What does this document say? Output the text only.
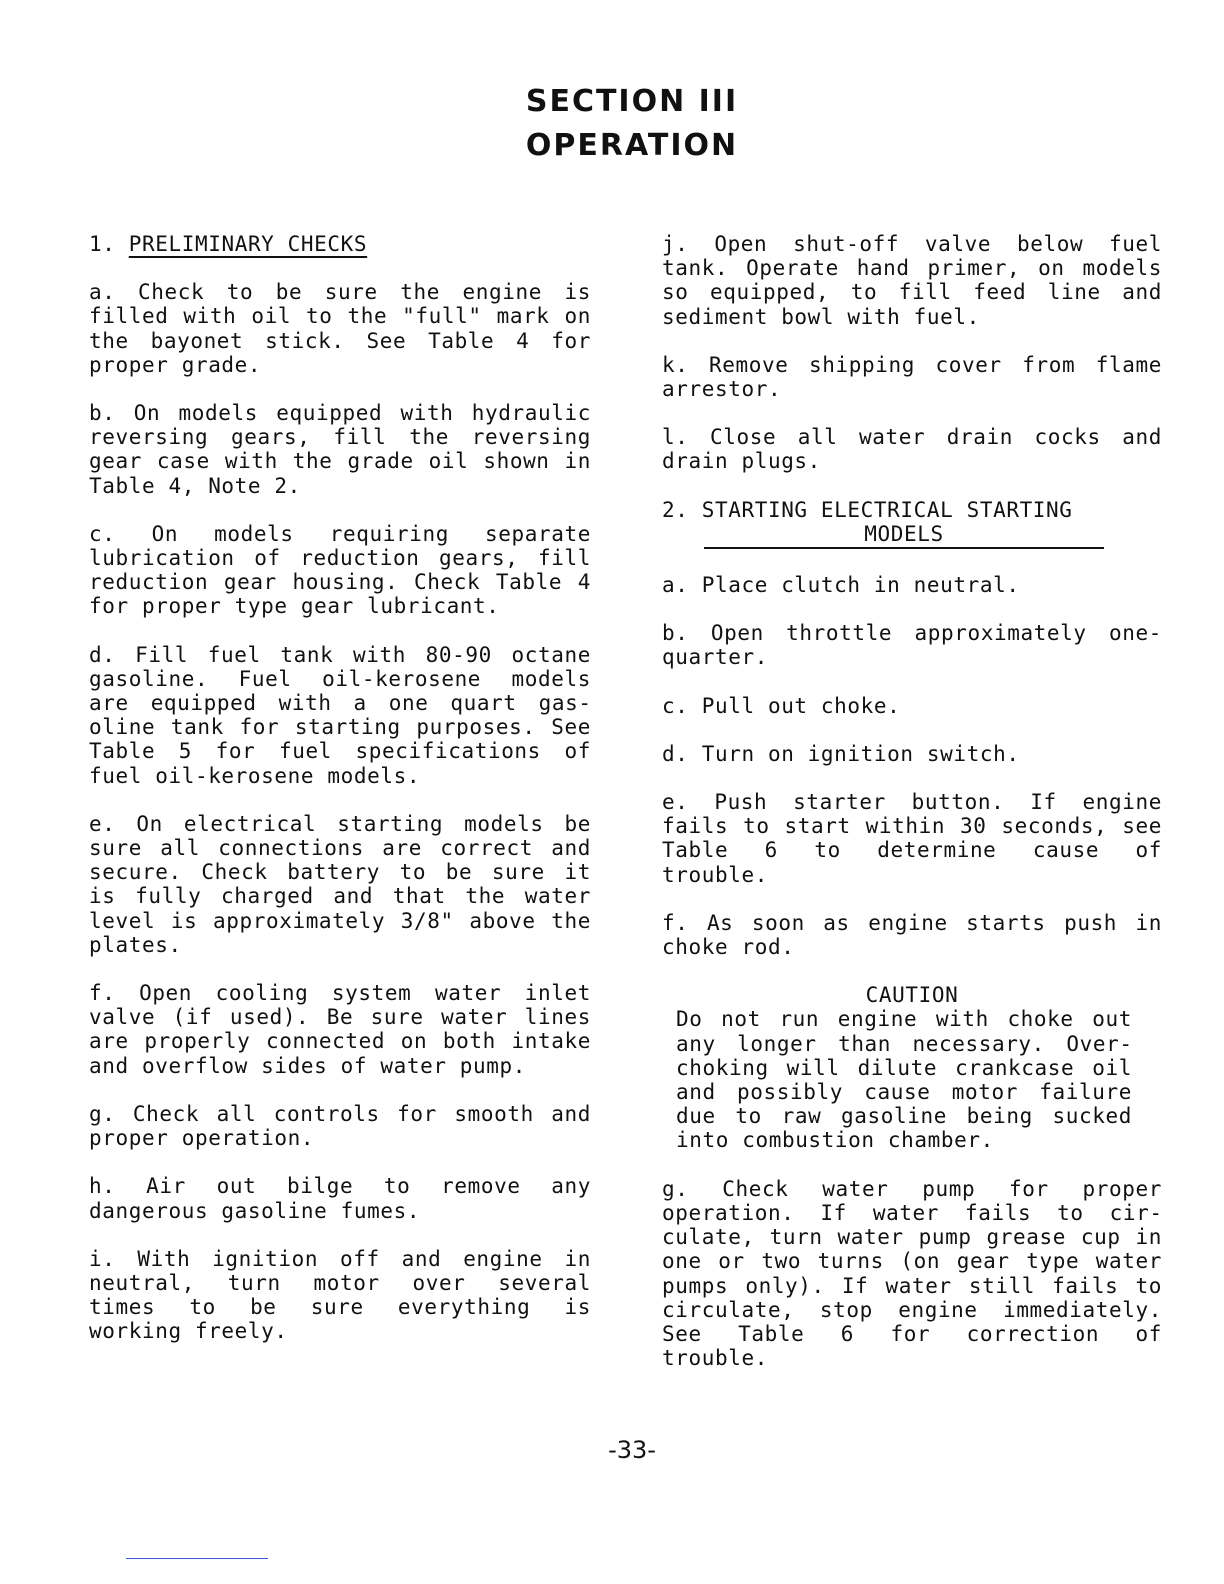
SECTION III
OPERATION
1. PRELIMINARY CHECKS

a. Check to be sure the engine is filled with oil to the "full" mark on the bayonet stick. See Table 4 for proper grade.

b. On models equipped with hydraulic reversing gears, fill the reversing gear case with the grade oil shown in Table 4, Note 2.

c. On models requiring separate lubrication of reduction gears, fill reduction gear housing. Check Table 4 for proper type gear lubricant.

d. Fill fuel tank with 80-90 octane gasoline. Fuel oil-kerosene models are equipped with a one quart gasoline tank for starting purposes. See Table 5 for fuel specifications of fuel oil-kerosene models.

e. On electrical starting models be sure all connections are correct and secure. Check battery to be sure it is fully charged and that the water level is approximately 3/8" above the plates.

f. Open cooling system water inlet valve (if used). Be sure water lines are properly connected on both intake and overflow sides of water pump.

g. Check all controls for smooth and proper operation.

h. Air out bilge to remove any dangerous gasoline fumes.

i. With ignition off and engine in neutral, turn motor over several times to be sure everything is working freely.

j. Open shut-off valve below fuel tank. Operate hand primer, on models so equipped, to fill feed line and sediment bowl with fuel.

k. Remove shipping cover from flame arrestor.

l. Close all water drain cocks and drain plugs.

2. STARTING ELECTRICAL STARTING
MODELS

a. Place clutch in neutral.

b. Open throttle approximately one-quarter.

c. Pull out choke.

d. Turn on ignition switch.

e. Push starter button. If engine fails to start within 30 seconds, see Table 6 to determine cause of trouble.

f. As soon as engine starts push in choke rod.

CAUTION

Do not run engine with choke out any longer than necessary. Overchoking will dilute crankcase oil and possibly cause motor failure due to raw gasoline being sucked into combustion chamber.

g. Check water pump for proper operation. If water fails to circulate, turn water pump grease cup in one or two turns (on gear type water pumps only). If water still fails to circulate, stop engine immediately. See Table 6 for correction of trouble.

-33-
